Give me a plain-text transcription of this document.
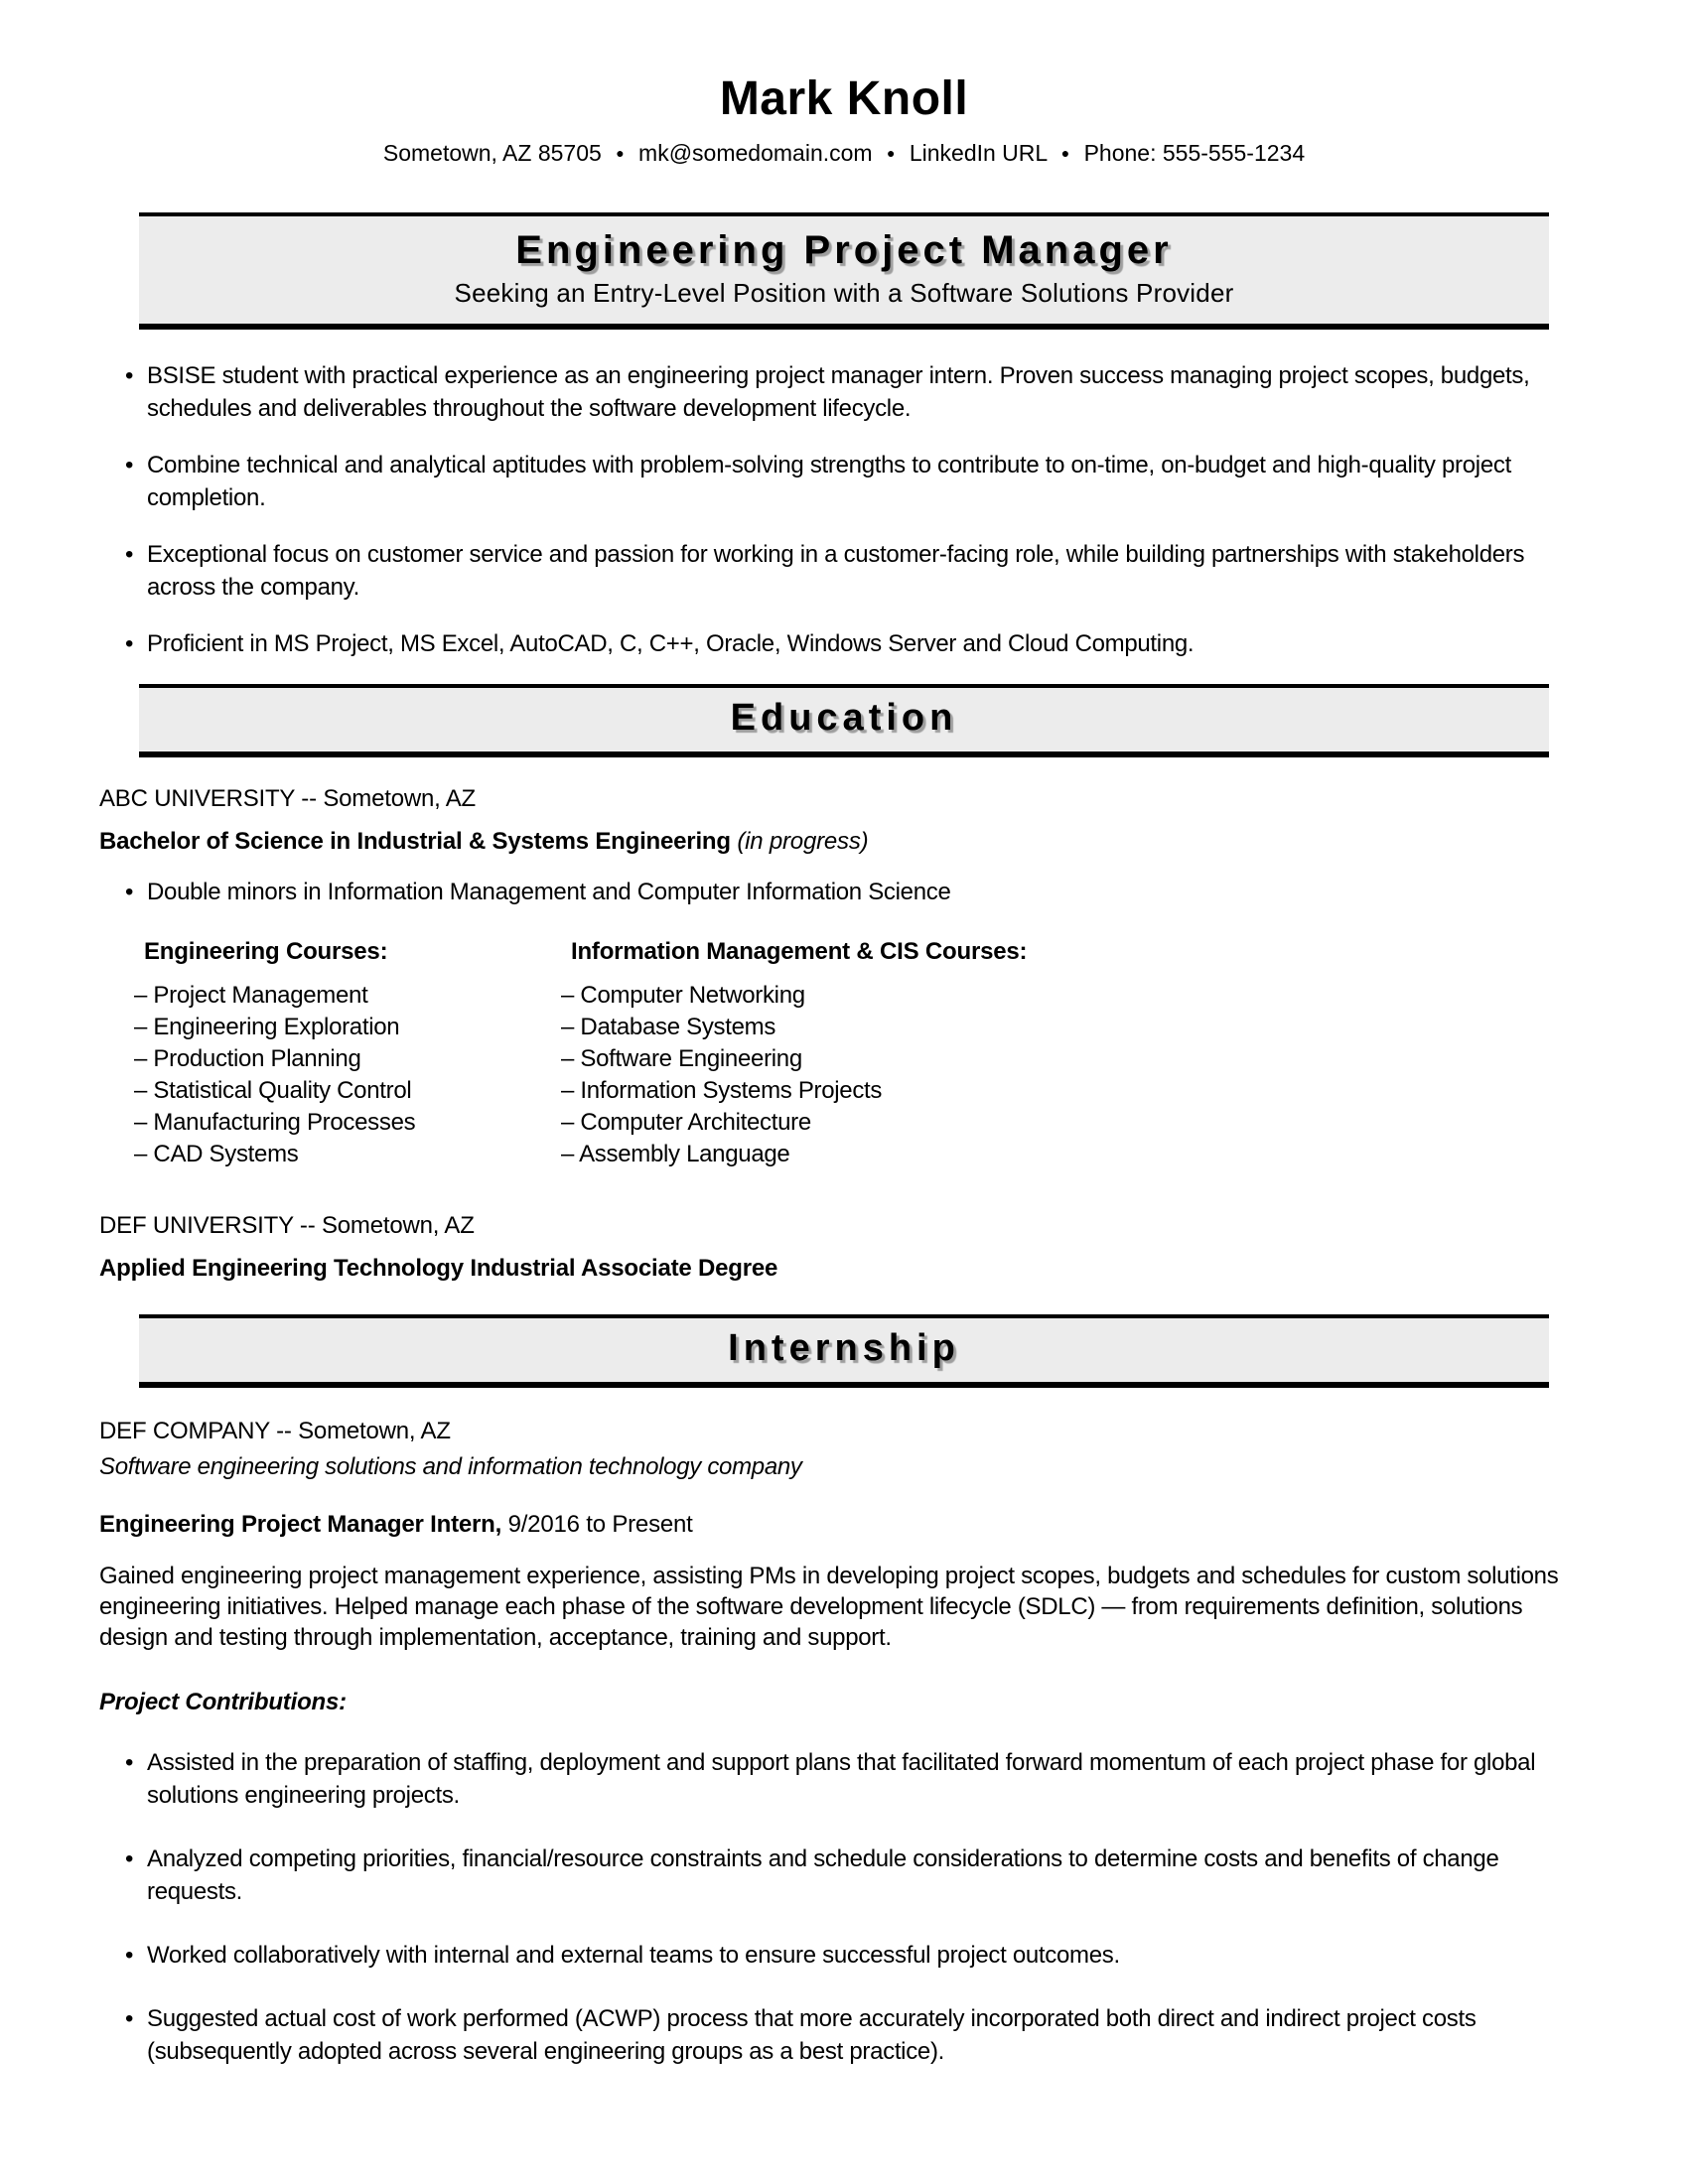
Mark Knoll
Sometown, AZ 85705 ● mk@somedomain.com ● LinkedIn URL ● Phone: 555-555-1234
Engineering Project Manager
Seeking an Entry-Level Position with a Software Solutions Provider
• BSISE student with practical experience as an engineering project manager intern. Proven success managing project scopes, budgets, schedules and deliverables throughout the software development lifecycle.
• Combine technical and analytical aptitudes with problem-solving strengths to contribute to on-time, on-budget and high-quality project completion.
• Exceptional focus on customer service and passion for working in a customer-facing role, while building partnerships with stakeholders across the company.
• Proficient in MS Project, MS Excel, AutoCAD, C, C++, Oracle, Windows Server and Cloud Computing.
Education

ABC UNIVERSITY -- Sometown, AZ

Bachelor of Science in Industrial & Systems Engineering (in progress)

• Double minors in Information Management and Computer Information Science

Engineering Courses:

– Project Management
– Engineering Exploration
– Production Planning
– Statistical Quality Control
– Manufacturing Processes
– CAD Systems

Information Management & CIS Courses:

– Computer Networking
– Database Systems
– Software Engineering
– Information Systems Projects
– Computer Architecture
– Assembly Language

DEF UNIVERSITY -- Sometown, AZ

Applied Engineering Technology Industrial Associate Degree

Internship

DEF COMPANY -- Sometown, AZ

Software engineering solutions and information technology company

Engineering Project Manager Intern, 9/2016 to Present

Gained engineering project management experience, assisting PMs in developing project scopes, budgets and schedules for custom solutions engineering initiatives. Helped manage each phase of the software development lifecycle (SDLC) — from requirements definition, solutions design and testing through implementation, acceptance, training and support.

Project Contributions:

• Assisted in the preparation of staffing, deployment and support plans that facilitated forward momentum of each project phase for global solutions engineering projects.
• Analyzed competing priorities, financial/resource constraints and schedule considerations to determine costs and benefits of change requests.
• Worked collaboratively with internal and external teams to ensure successful project outcomes.
• Suggested actual cost of work performed (ACWP) process that more accurately incorporated both direct and indirect project costs (subsequently adopted across several engineering groups as a best practice).
